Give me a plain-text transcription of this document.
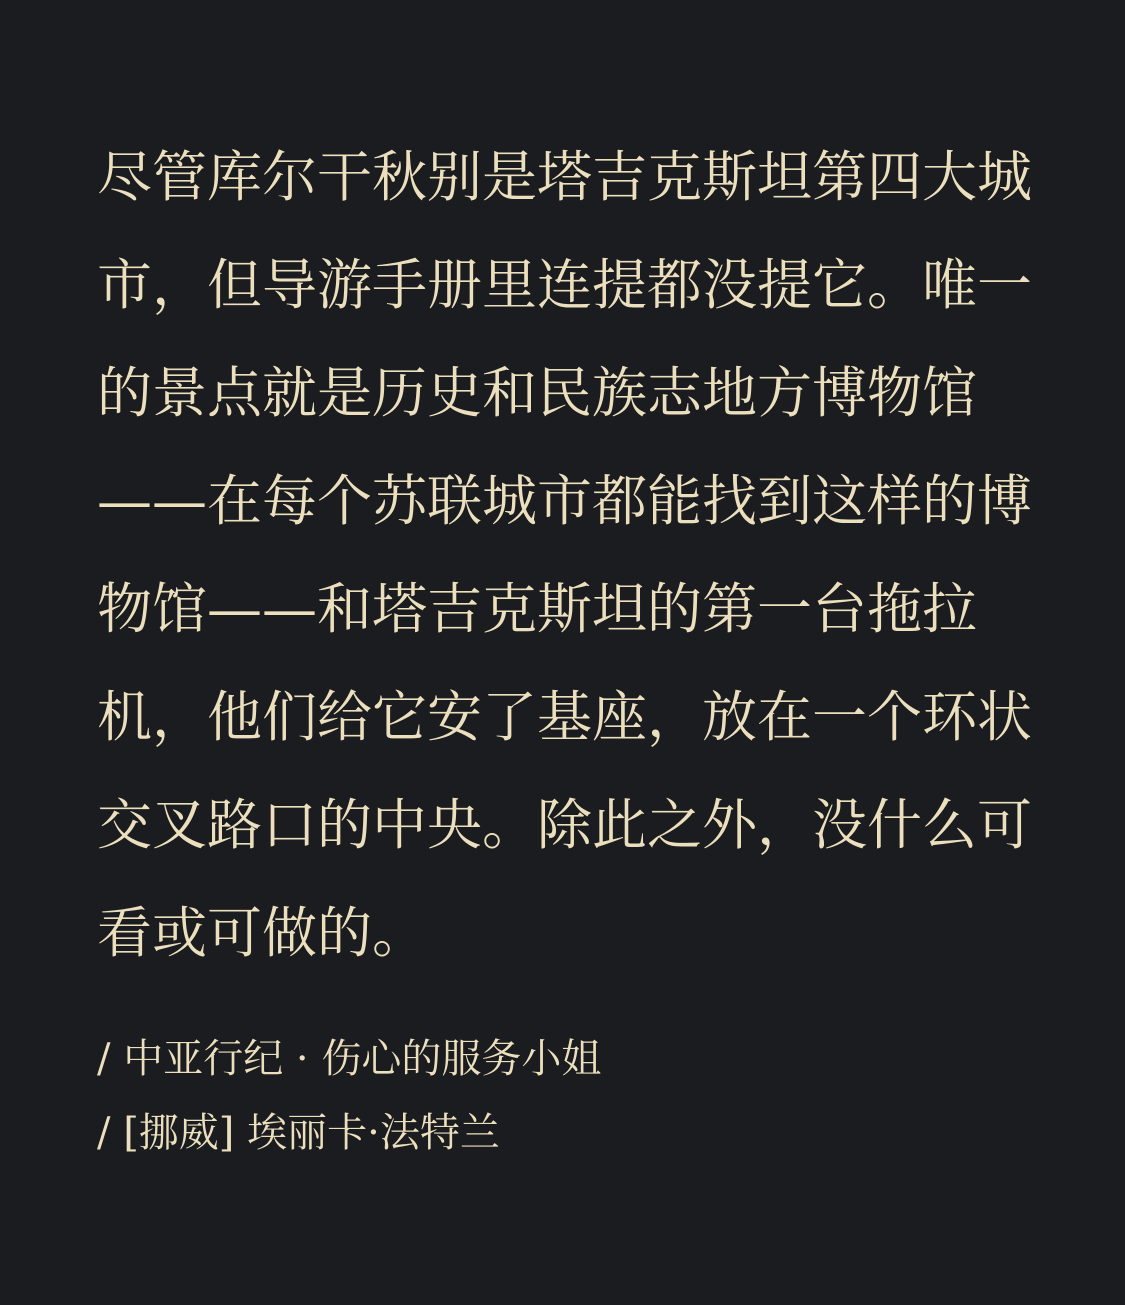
尽管库尔干秋别是塔吉克斯坦第四大城
市，但导游手册里连提都没提它。唯一
的景点就是历史和民族志地方博物馆
——在每个苏联城市都能找到这样的博
物馆——和塔吉克斯坦的第一台拖拉
机，他们给它安了基座，放在一个环状
交叉路口的中央。除此之外，没什么可
看或可做的。
/ 中亚行纪 · 伤心的服务小姐
/ [挪威] 埃丽卡·法特兰
